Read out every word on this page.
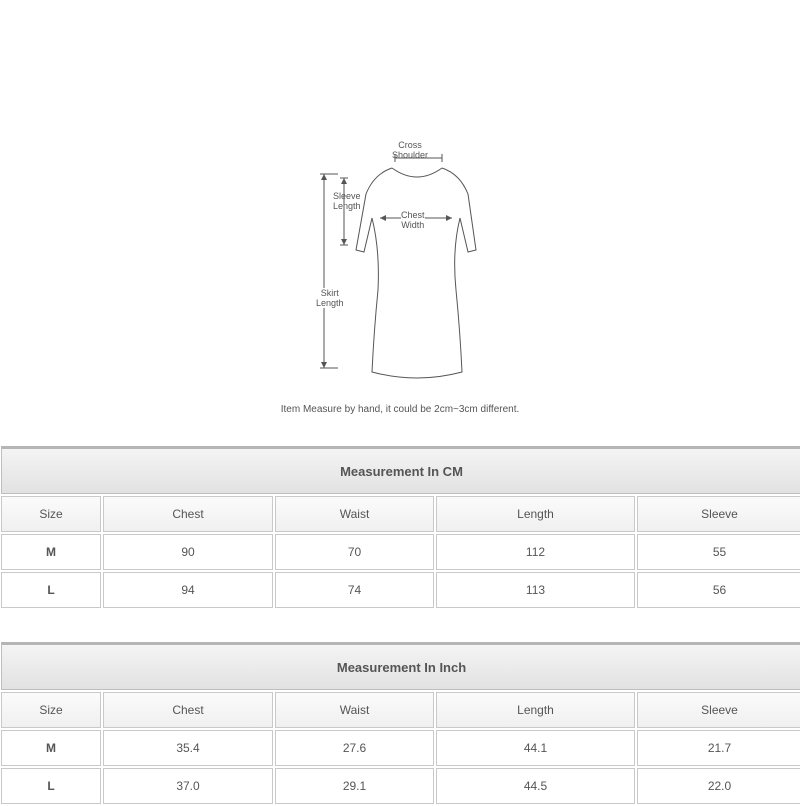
Cross
Shoulder
Sleeve
Length
Chest
Width
Skirt
Length
Item Measure by hand, it could be 2cm~3cm different.
Measurement In CM				
Size	Chest	Waist	Length	Sleeve
M	90	70	112	55
L	94	74	113	56
Measurement In Inch				
Size	Chest	Waist	Length	Sleeve
M	35.4	27.6	44.1	21.7
L	37.0	29.1	44.5	22.0
